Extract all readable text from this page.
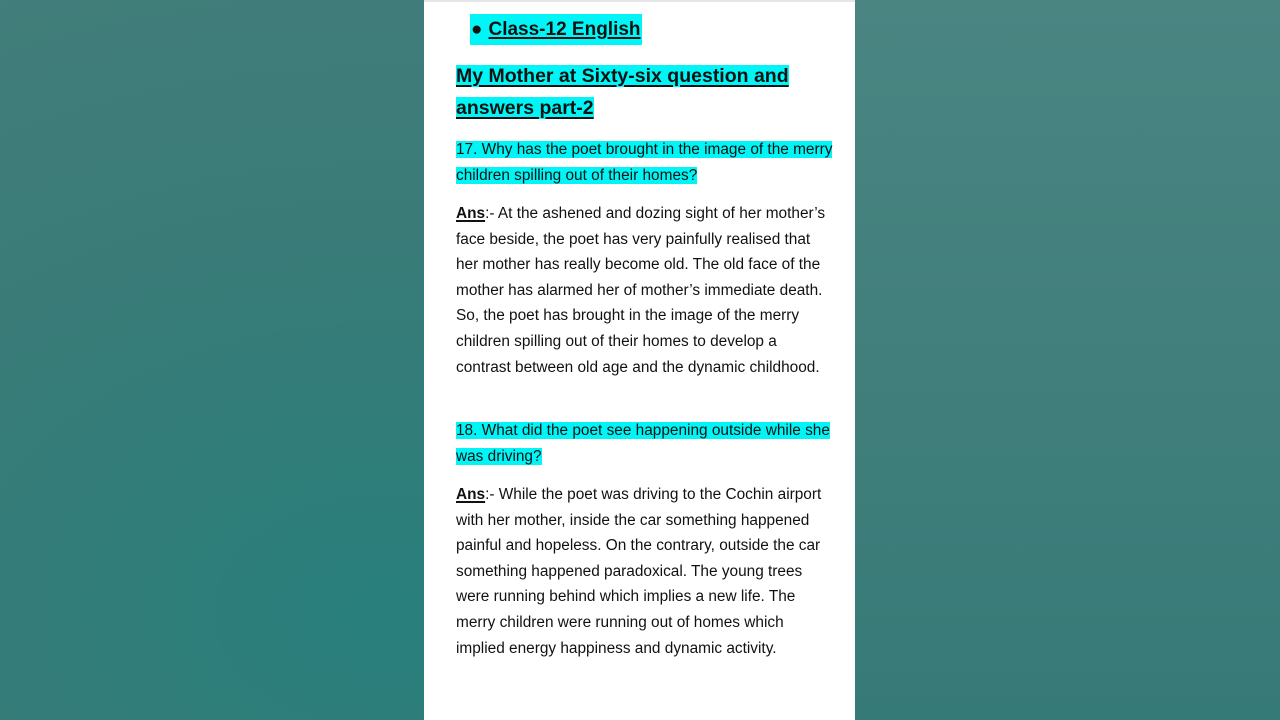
● Class-12 English
My Mother at Sixty-six question and answers part-2
17. Why has the poet brought in the image of the merry children spilling out of their homes?
Ans:- At the ashened and dozing sight of her mother’s face beside, the poet has very painfully realised that her mother has really become old. The old face of the mother has alarmed her of mother’s immediate death. So, the poet has brought in the image of the merry children spilling out of their homes to develop a contrast between old age and the dynamic childhood.
18. What did the poet see happening outside while she was driving?
Ans:- While the poet was driving to the Cochin airport with her mother, inside the car something happened painful and hopeless. On the contrary, outside the car something happened paradoxical. The young trees were running behind which implies a new life. The merry children were running out of homes which implied energy happiness and dynamic activity.
